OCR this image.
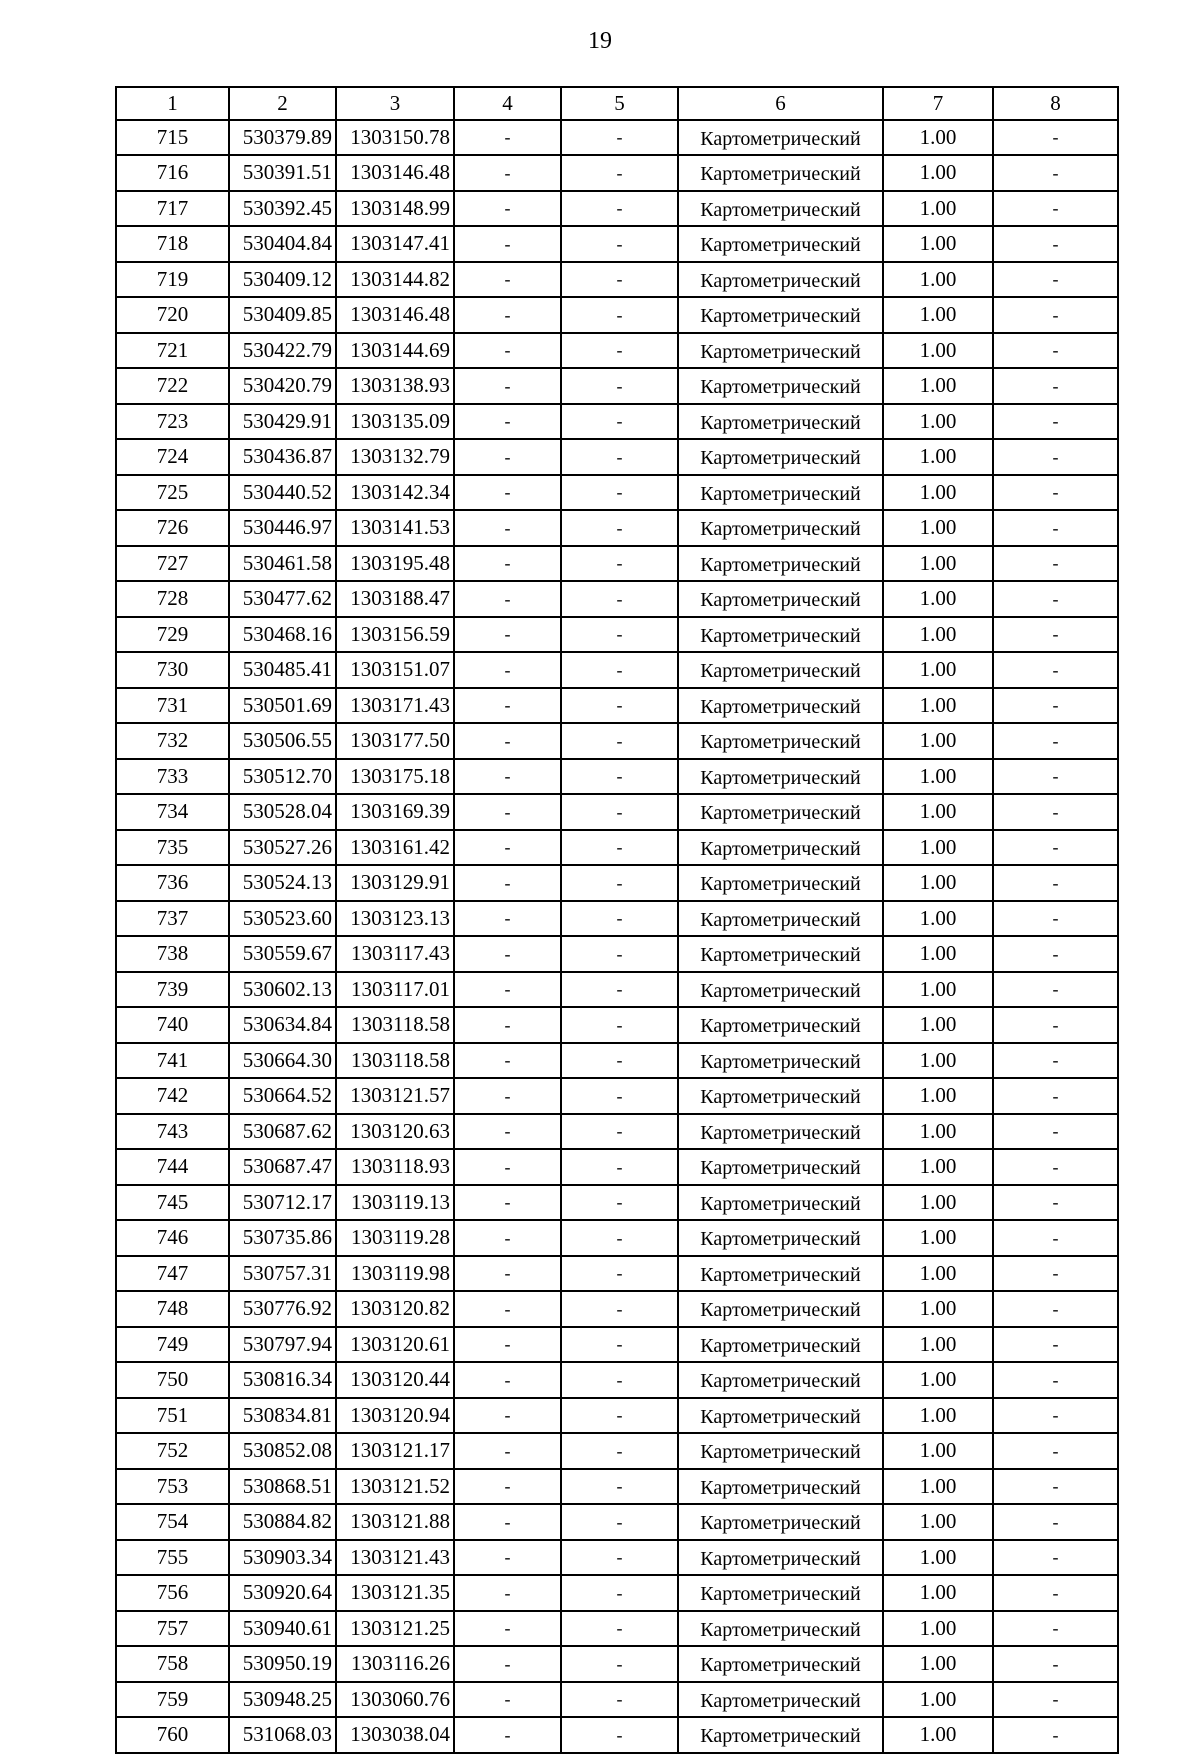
19
1	2	3	4	5	6	7	8
715	530379.89	1303150.78	-	-	Картометрический	1.00	-
716	530391.51	1303146.48	-	-	Картометрический	1.00	-
717	530392.45	1303148.99	-	-	Картометрический	1.00	-
718	530404.84	1303147.41	-	-	Картометрический	1.00	-
719	530409.12	1303144.82	-	-	Картометрический	1.00	-
720	530409.85	1303146.48	-	-	Картометрический	1.00	-
721	530422.79	1303144.69	-	-	Картометрический	1.00	-
722	530420.79	1303138.93	-	-	Картометрический	1.00	-
723	530429.91	1303135.09	-	-	Картометрический	1.00	-
724	530436.87	1303132.79	-	-	Картометрический	1.00	-
725	530440.52	1303142.34	-	-	Картометрический	1.00	-
726	530446.97	1303141.53	-	-	Картометрический	1.00	-
727	530461.58	1303195.48	-	-	Картометрический	1.00	-
728	530477.62	1303188.47	-	-	Картометрический	1.00	-
729	530468.16	1303156.59	-	-	Картометрический	1.00	-
730	530485.41	1303151.07	-	-	Картометрический	1.00	-
731	530501.69	1303171.43	-	-	Картометрический	1.00	-
732	530506.55	1303177.50	-	-	Картометрический	1.00	-
733	530512.70	1303175.18	-	-	Картометрический	1.00	-
734	530528.04	1303169.39	-	-	Картометрический	1.00	-
735	530527.26	1303161.42	-	-	Картометрический	1.00	-
736	530524.13	1303129.91	-	-	Картометрический	1.00	-
737	530523.60	1303123.13	-	-	Картометрический	1.00	-
738	530559.67	1303117.43	-	-	Картометрический	1.00	-
739	530602.13	1303117.01	-	-	Картометрический	1.00	-
740	530634.84	1303118.58	-	-	Картометрический	1.00	-
741	530664.30	1303118.58	-	-	Картометрический	1.00	-
742	530664.52	1303121.57	-	-	Картометрический	1.00	-
743	530687.62	1303120.63	-	-	Картометрический	1.00	-
744	530687.47	1303118.93	-	-	Картометрический	1.00	-
745	530712.17	1303119.13	-	-	Картометрический	1.00	-
746	530735.86	1303119.28	-	-	Картометрический	1.00	-
747	530757.31	1303119.98	-	-	Картометрический	1.00	-
748	530776.92	1303120.82	-	-	Картометрический	1.00	-
749	530797.94	1303120.61	-	-	Картометрический	1.00	-
750	530816.34	1303120.44	-	-	Картометрический	1.00	-
751	530834.81	1303120.94	-	-	Картометрический	1.00	-
752	530852.08	1303121.17	-	-	Картометрический	1.00	-
753	530868.51	1303121.52	-	-	Картометрический	1.00	-
754	530884.82	1303121.88	-	-	Картометрический	1.00	-
755	530903.34	1303121.43	-	-	Картометрический	1.00	-
756	530920.64	1303121.35	-	-	Картометрический	1.00	-
757	530940.61	1303121.25	-	-	Картометрический	1.00	-
758	530950.19	1303116.26	-	-	Картометрический	1.00	-
759	530948.25	1303060.76	-	-	Картометрический	1.00	-
760	531068.03	1303038.04	-	-	Картометрический	1.00	-
